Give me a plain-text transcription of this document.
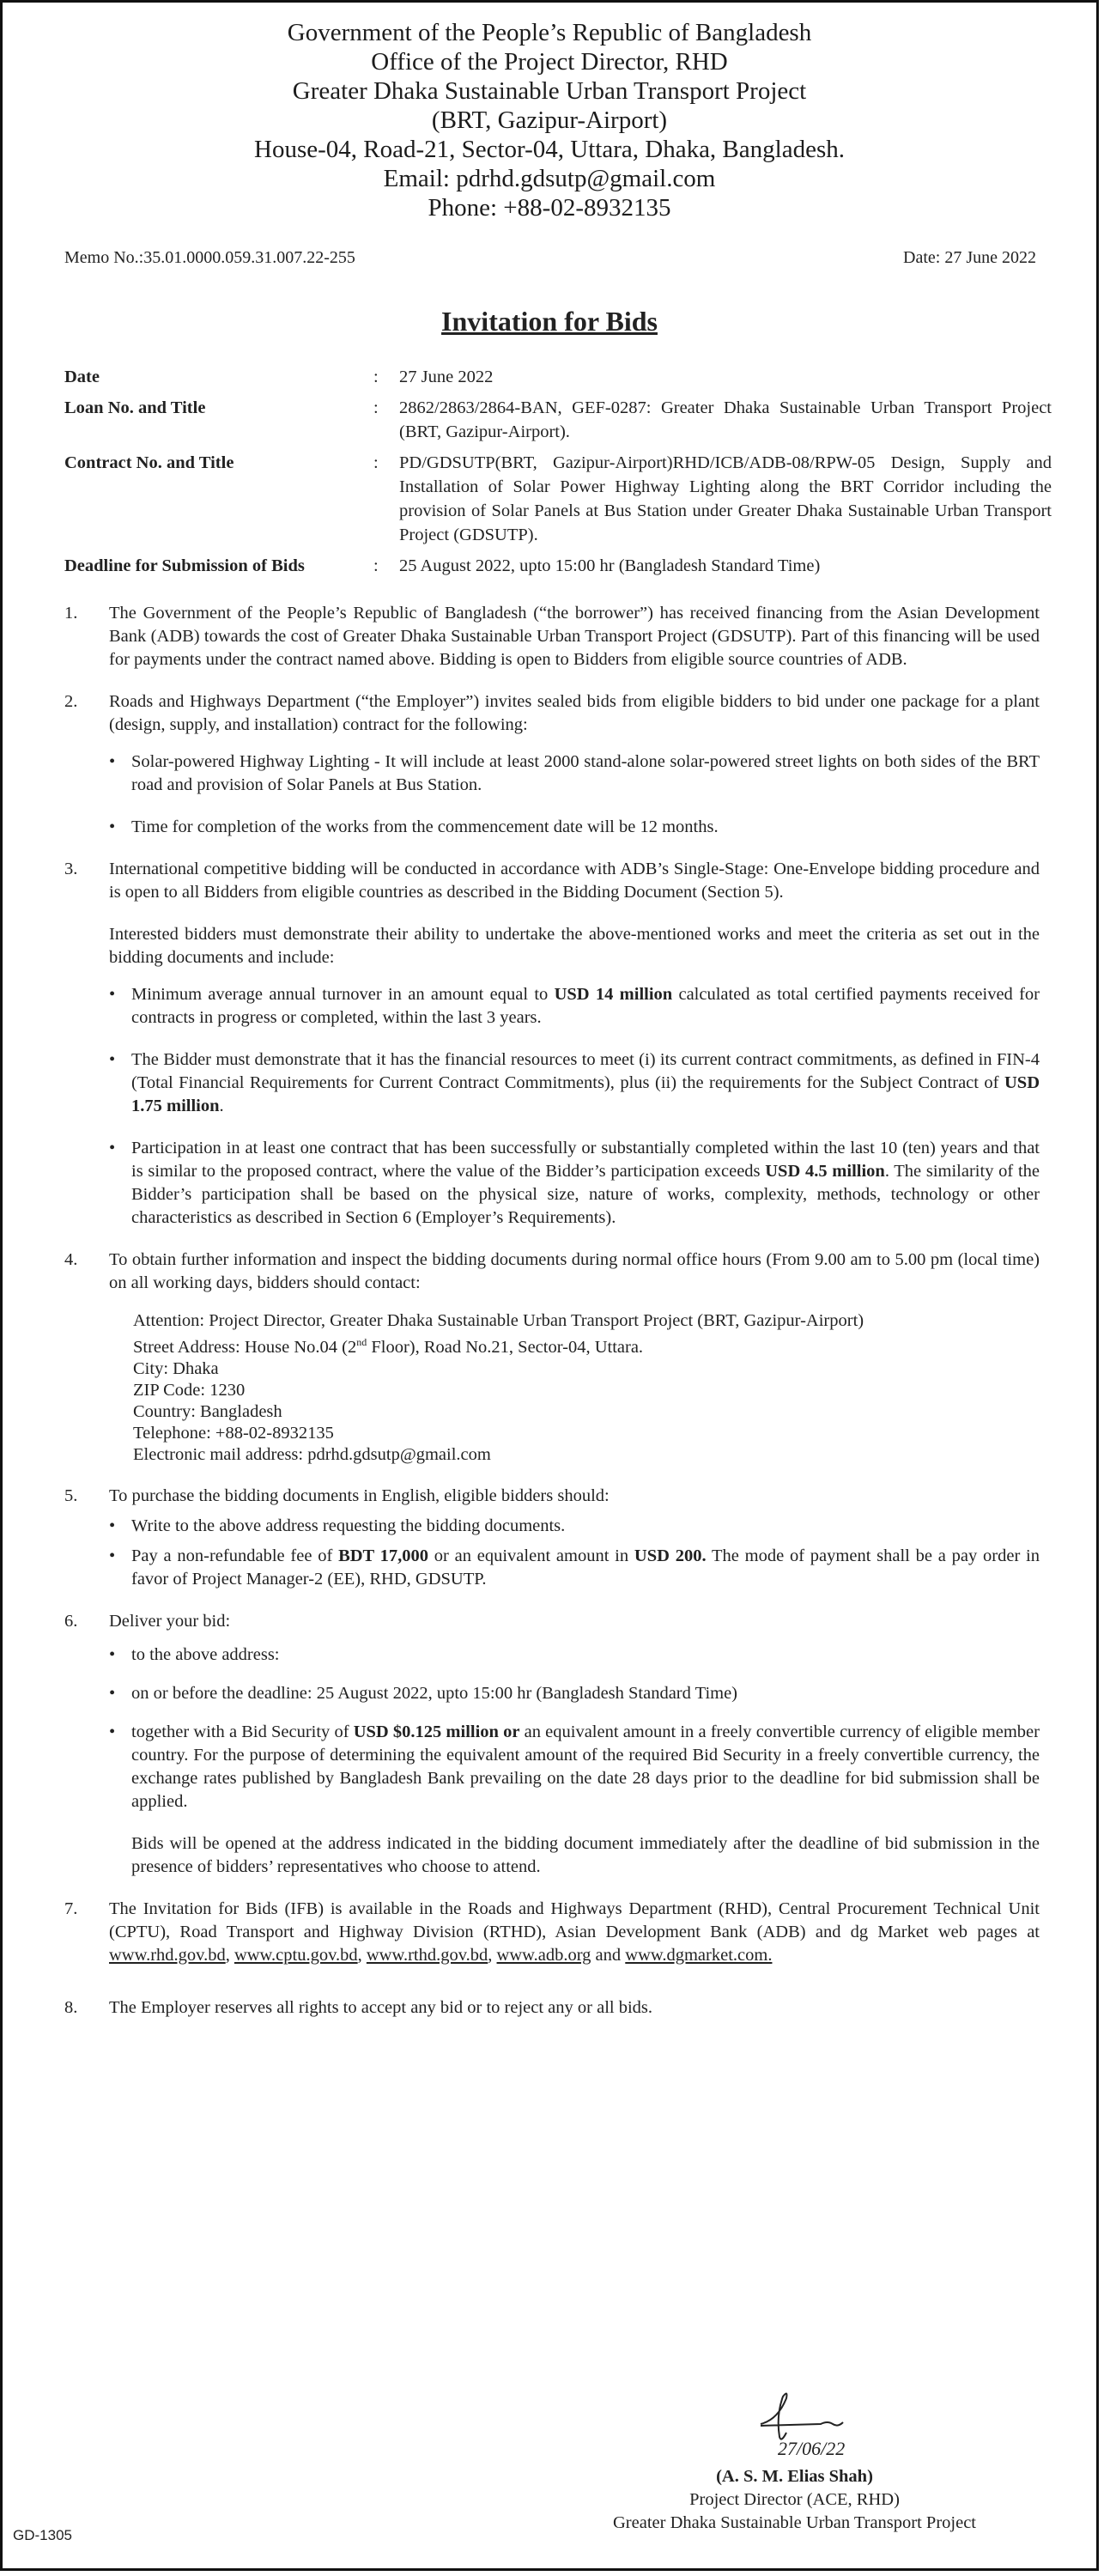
Government of the People’s Republic of Bangladesh
Office of the Project Director, RHD
Greater Dhaka Sustainable Urban Transport Project
(BRT, Gazipur-Airport)
House-04, Road-21, Sector-04, Uttara, Dhaka, Bangladesh.
Email: pdrhd.gdsutp@gmail.com
Phone: +88-02-8932135
Memo No.:35.01.0000.059.31.007.22-255	Date: 27 June 2022
Invitation for Bids
Date	:	27 June 2022
Loan No. and Title	:	2862/2863/2864-BAN, GEF-0287: Greater Dhaka Sustainable Urban Transport Project (BRT, Gazipur-Airport).
Contract No. and Title	:	PD/GDSUTP(BRT, Gazipur-Airport)RHD/ICB/ADB-08/RPW-05 Design, Supply and Installation of Solar Power Highway Lighting along the BRT Corridor including the provision of Solar Panels at Bus Station under Greater Dhaka Sustainable Urban Transport Project (GDSUTP).
Deadline for Submission of Bids	:	25 August 2022, upto 15:00 hr (Bangladesh Standard Time)
1.	The Government of the People’s Republic of Bangladesh (“the borrower”) has received financing from the Asian Development Bank (ADB) towards the cost of Greater Dhaka Sustainable Urban Transport Project (GDSUTP). Part of this financing will be used for payments under the contract named above. Bidding is open to Bidders from eligible source countries of ADB.
2.	Roads and Highways Department (“the Employer”) invites sealed bids from eligible bidders to bid under one package for a plant (design, supply, and installation) contract for the following:
• Solar-powered Highway Lighting - It will include at least 2000 stand-alone solar-powered street lights on both sides of the BRT road and provision of Solar Panels at Bus Station.
• Time for completion of the works from the commencement date will be 12 months.
3.	International competitive bidding will be conducted in accordance with ADB’s Single-Stage: One-Envelope bidding procedure and is open to all Bidders from eligible countries as described in the Bidding Document (Section 5).
Interested bidders must demonstrate their ability to undertake the above-mentioned works and meet the criteria as set out in the bidding documents and include:
• Minimum average annual turnover in an amount equal to USD 14 million calculated as total certified payments received for contracts in progress or completed, within the last 3 years.
• The Bidder must demonstrate that it has the financial resources to meet (i) its current contract commitments, as defined in FIN-4 (Total Financial Requirements for Current Contract Commitments), plus (ii) the requirements for the Subject Contract of USD 1.75 million.
• Participation in at least one contract that has been successfully or substantially completed within the last 10 (ten) years and that is similar to the proposed contract, where the value of the Bidder’s participation exceeds USD 4.5 million. The similarity of the Bidder’s participation shall be based on the physical size, nature of works, complexity, methods, technology or other characteristics as described in Section 6 (Employer’s Requirements).
4.	To obtain further information and inspect the bidding documents during normal office hours (From 9.00 am to 5.00 pm (local time) on all working days, bidders should contact:
Attention: Project Director, Greater Dhaka Sustainable Urban Transport Project (BRT, Gazipur-Airport)
Street Address: House No.04 (2nd Floor), Road No.21, Sector-04, Uttara.
City: Dhaka
ZIP Code: 1230
Country: Bangladesh
Telephone: +88-02-8932135
Electronic mail address: pdrhd.gdsutp@gmail.com
5.	To purchase the bidding documents in English, eligible bidders should:
• Write to the above address requesting the bidding documents.
• Pay a non-refundable fee of BDT 17,000 or an equivalent amount in USD 200. The mode of payment shall be a pay order in favor of Project Manager-2 (EE), RHD, GDSUTP.
6.	Deliver your bid:
• to the above address:
• on or before the deadline: 25 August 2022, upto 15:00 hr (Bangladesh Standard Time)
• together with a Bid Security of USD $0.125 million or an equivalent amount in a freely convertible currency of eligible member country. For the purpose of determining the equivalent amount of the required Bid Security in a freely convertible currency, the exchange rates published by Bangladesh Bank prevailing on the date 28 days prior to the deadline for bid submission shall be applied.
Bids will be opened at the address indicated in the bidding document immediately after the deadline of bid submission in the presence of bidders’ representatives who choose to attend.
7.	The Invitation for Bids (IFB) is available in the Roads and Highways Department (RHD), Central Procurement Technical Unit (CPTU), Road Transport and Highway Division (RTHD), Asian Development Bank (ADB) and dg Market web pages at www.rhd.gov.bd, www.cptu.gov.bd, www.rthd.gov.bd, www.adb.org and www.dgmarket.com.
8.	The Employer reserves all rights to accept any bid or to reject any or all bids.
27/06/22
(A. S. M. Elias Shah)
Project Director (ACE, RHD)
Greater Dhaka Sustainable Urban Transport Project
GD-1305
